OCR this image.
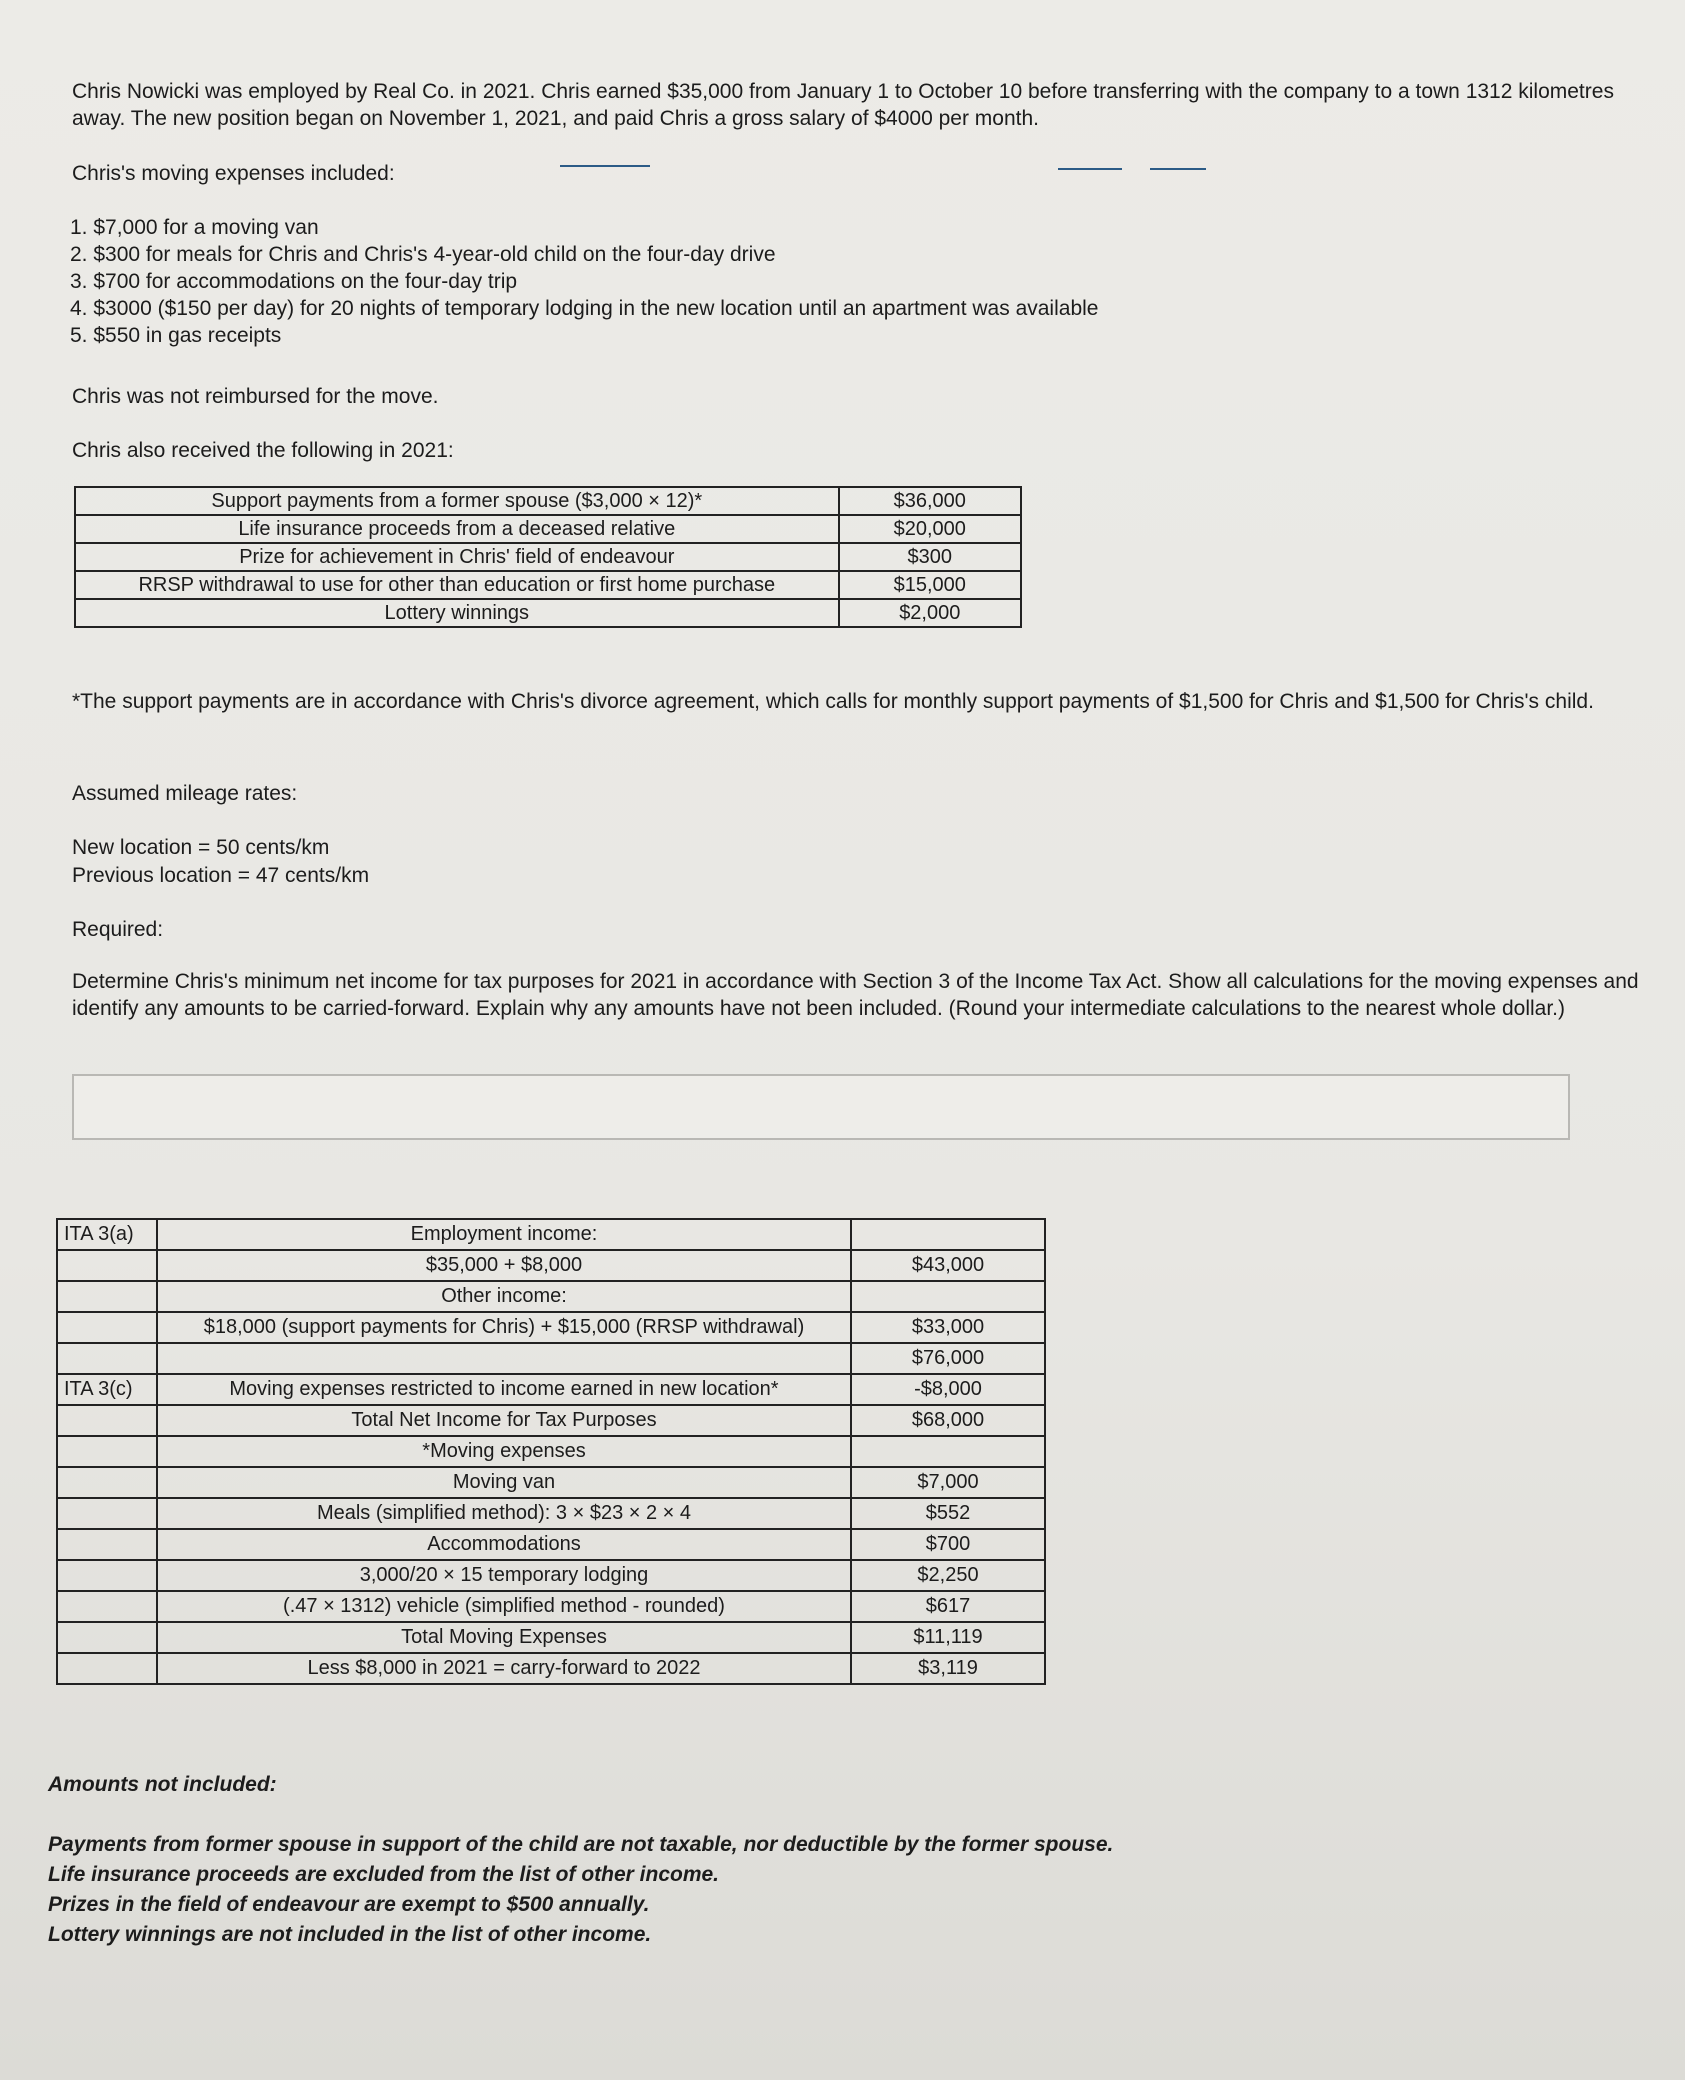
Chris Nowicki was employed by Real Co. in 2021. Chris earned $35,000 from January 1 to October 10 before transferring with the company to a town 1312 kilometres away. The new position began on November 1, 2021, and paid Chris a gross salary of $4000 per month.

Chris's moving expenses included:

1. $7,000 for a moving van
2. $300 for meals for Chris and Chris's 4-year-old child on the four-day drive
3. $700 for accommodations on the four-day trip
4. $3000 ($150 per day) for 20 nights of temporary lodging in the new location until an apartment was available
5. $550 in gas receipts

Chris was not reimbursed for the move.

Chris also received the following in 2021:

Support payments from a former spouse ($3,000 × 12)*	$36,000
Life insurance proceeds from a deceased relative	$20,000
Prize for achievement in Chris' field of endeavour	$300
RRSP withdrawal to use for other than education or first home purchase	$15,000
Lottery winnings	$2,000

*The support payments are in accordance with Chris's divorce agreement, which calls for monthly support payments of $1,500 for Chris and $1,500 for Chris's child.

Assumed mileage rates:

New location = 50 cents/km

Previous location = 47 cents/km

Required:

Determine Chris's minimum net income for tax purposes for 2021 in accordance with Section 3 of the Income Tax Act. Show all calculations for the moving expenses and identify any amounts to be carried-forward. Explain why any amounts have not been included. (Round your intermediate calculations to the nearest whole dollar.)

ITA 3(a)	Employment income:	
	$35,000 + $8,000	$43,000
	Other income:	
	$18,000 (support payments for Chris) + $15,000 (RRSP withdrawal)	$33,000
		$76,000
ITA 3(c)	Moving expenses restricted to income earned in new location*	-$8,000
	Total Net Income for Tax Purposes	$68,000
	*Moving expenses	
	Moving van	$7,000
	Meals (simplified method): 3 × $23 × 2 × 4	$552
	Accommodations	$700
	3,000/20 × 15 temporary lodging	$2,250
	(.47 × 1312) vehicle (simplified method - rounded)	$617
	Total Moving Expenses	$11,119
	Less $8,000 in 2021 = carry-forward to 2022	$3,119
Amounts not included:
Payments from former spouse in support of the child are not taxable, nor deductible by the former spouse.
Life insurance proceeds are excluded from the list of other income.
Prizes in the field of endeavour are exempt to $500 annually.
Lottery winnings are not included in the list of other income.
